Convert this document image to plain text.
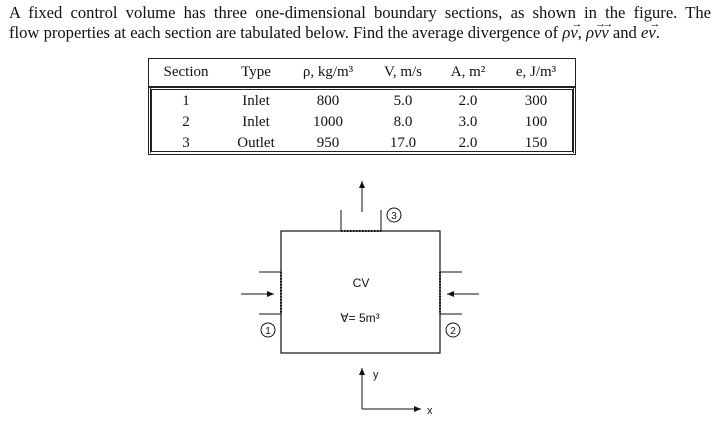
A fixed control volume has three one-dimensional boundary sections, as shown in the figure. The
flow properties at each section are tabulated below. Find the average divergence of ρv →, ρv →v → and ev →.
Section	Type	ρ, kg/m³	V, m/s	A, m²	e, J/m³
1	Inlet	800	5.0	2.0	300
2	Inlet	1000	8.0	3.0	100
3	Outlet	950	17.0	2.0	150
1	2
3
CV
∀= 5m³
y
x
